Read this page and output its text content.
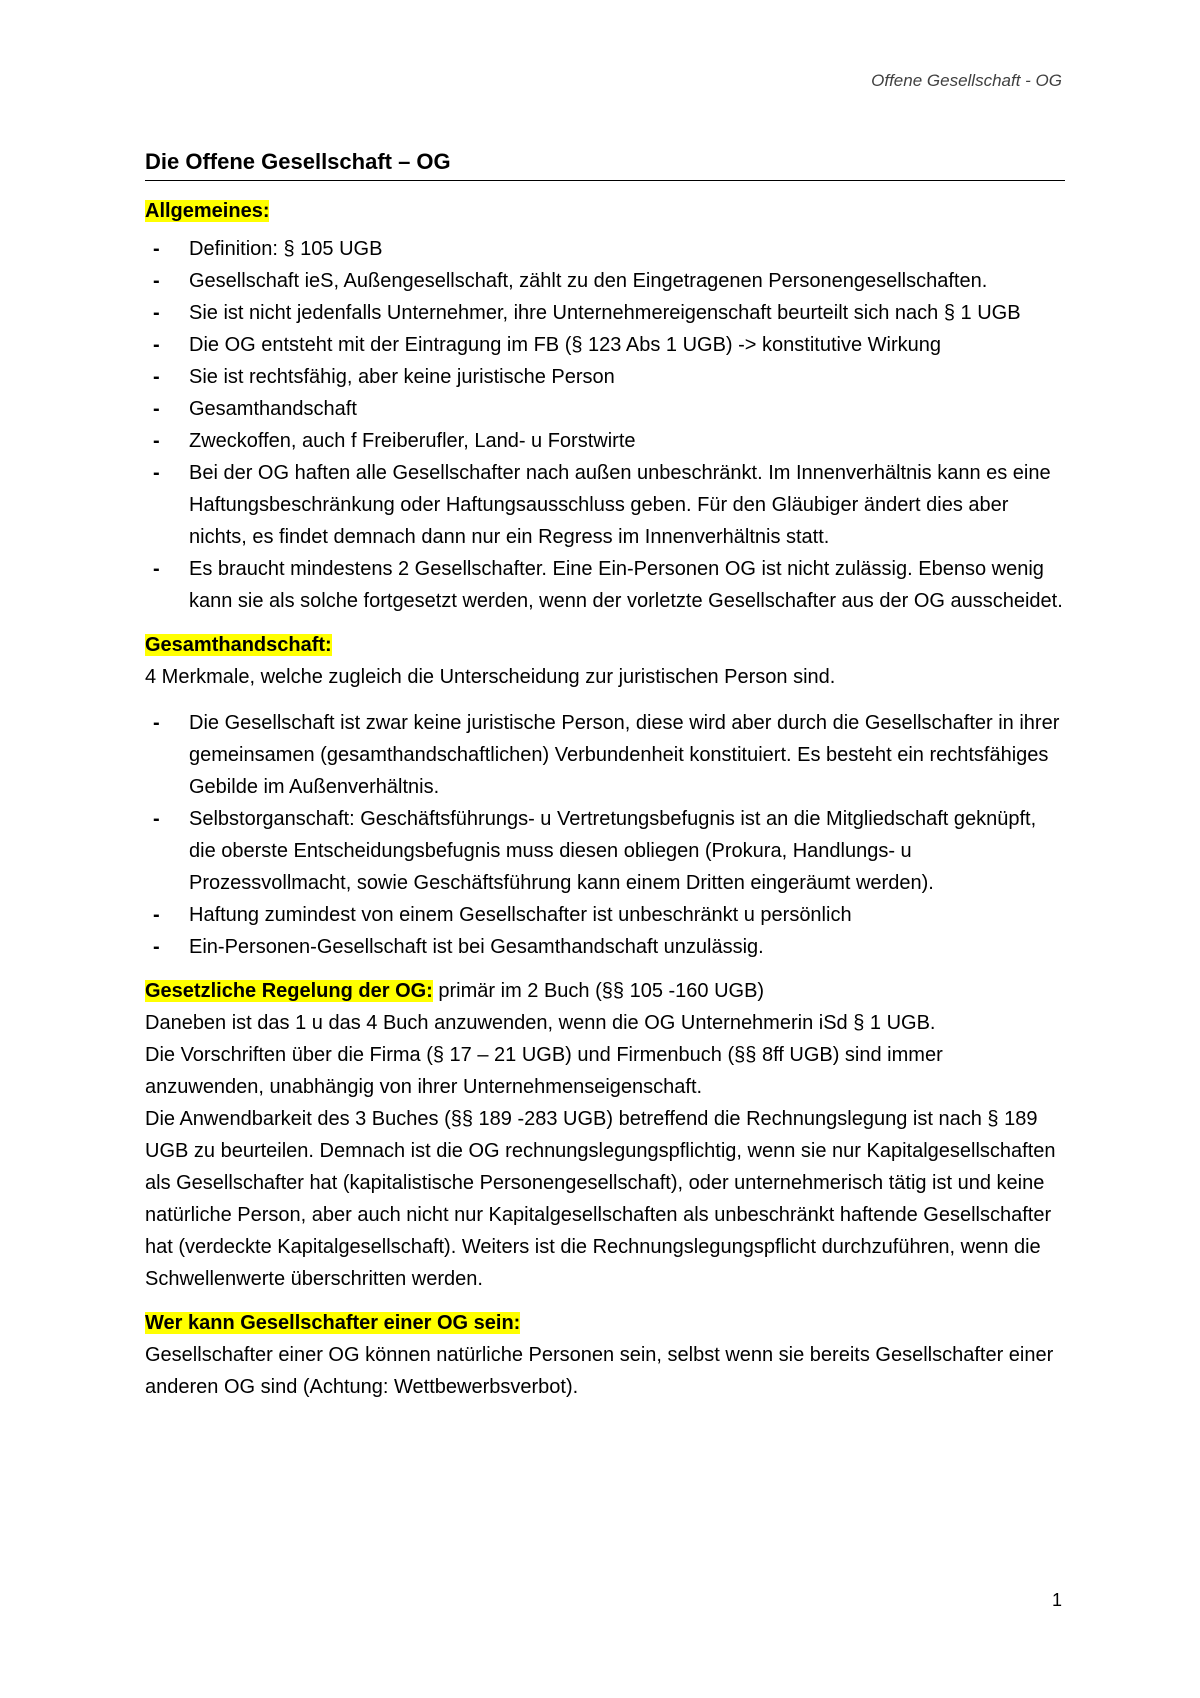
Offene Gesellschaft - OG
Die Offene Gesellschaft – OG

Allgemeines:

- Definition: § 105 UGB
- Gesellschaft ieS, Außengesellschaft, zählt zu den Eingetragenen Personengesellschaften.
- Sie ist nicht jedenfalls Unternehmer, ihre Unternehmereigenschaft beurteilt sich nach § 1 UGB
- Die OG entsteht mit der Eintragung im FB (§ 123 Abs 1 UGB) -> konstitutive Wirkung
- Sie ist rechtsfähig, aber keine juristische Person
- Gesamthandschaft
- Zweckoffen, auch f Freiberufler, Land- u Forstwirte
- Bei der OG haften alle Gesellschafter nach außen unbeschränkt. Im Innenverhältnis kann es eine Haftungsbeschränkung oder Haftungsausschluss geben. Für den Gläubiger ändert dies aber nichts, es findet demnach dann nur ein Regress im Innenverhältnis statt.
- Es braucht mindestens 2 Gesellschafter. Eine Ein-Personen OG ist nicht zulässig. Ebenso wenig kann sie als solche fortgesetzt werden, wenn der vorletzte Gesellschafter aus der OG ausscheidet.

Gesamthandschaft:

4 Merkmale, welche zugleich die Unterscheidung zur juristischen Person sind.

- Die Gesellschaft ist zwar keine juristische Person, diese wird aber durch die Gesellschafter in ihrer gemeinsamen (gesamthandschaftlichen) Verbundenheit konstituiert. Es besteht ein rechtsfähiges Gebilde im Außenverhältnis.
- Selbstorganschaft: Geschäftsführungs- u Vertretungsbefugnis ist an die Mitgliedschaft geknüpft, die oberste Entscheidungsbefugnis muss diesen obliegen (Prokura, Handlungs- u Prozessvollmacht, sowie Geschäftsführung kann einem Dritten eingeräumt werden).
- Haftung zumindest von einem Gesellschafter ist unbeschränkt u persönlich
- Ein-Personen-Gesellschaft ist bei Gesamthandschaft unzulässig.

Gesetzliche Regelung der OG: primär im 2 Buch (§§ 105 -160 UGB)

Daneben ist das 1 u das 4 Buch anzuwenden, wenn die OG Unternehmerin iSd § 1 UGB.

Die Vorschriften über die Firma (§ 17 – 21 UGB) und Firmenbuch (§§ 8ff UGB) sind immer anzuwenden, unabhängig von ihrer Unternehmenseigenschaft.

Die Anwendbarkeit des 3 Buches (§§ 189 -283 UGB) betreffend die Rechnungslegung ist nach § 189 UGB zu beurteilen. Demnach ist die OG rechnungslegungspflichtig, wenn sie nur Kapitalgesellschaften als Gesellschafter hat (kapitalistische Personengesellschaft), oder unternehmerisch tätig ist und keine natürliche Person, aber auch nicht nur Kapitalgesellschaften als unbeschränkt haftende Gesellschafter hat (verdeckte Kapitalgesellschaft). Weiters ist die Rechnungslegungspflicht durchzuführen, wenn die Schwellenwerte überschritten werden.

Wer kann Gesellschafter einer OG sein:

Gesellschafter einer OG können natürliche Personen sein, selbst wenn sie bereits Gesellschafter einer anderen OG sind (Achtung: Wettbewerbsverbot).

1
